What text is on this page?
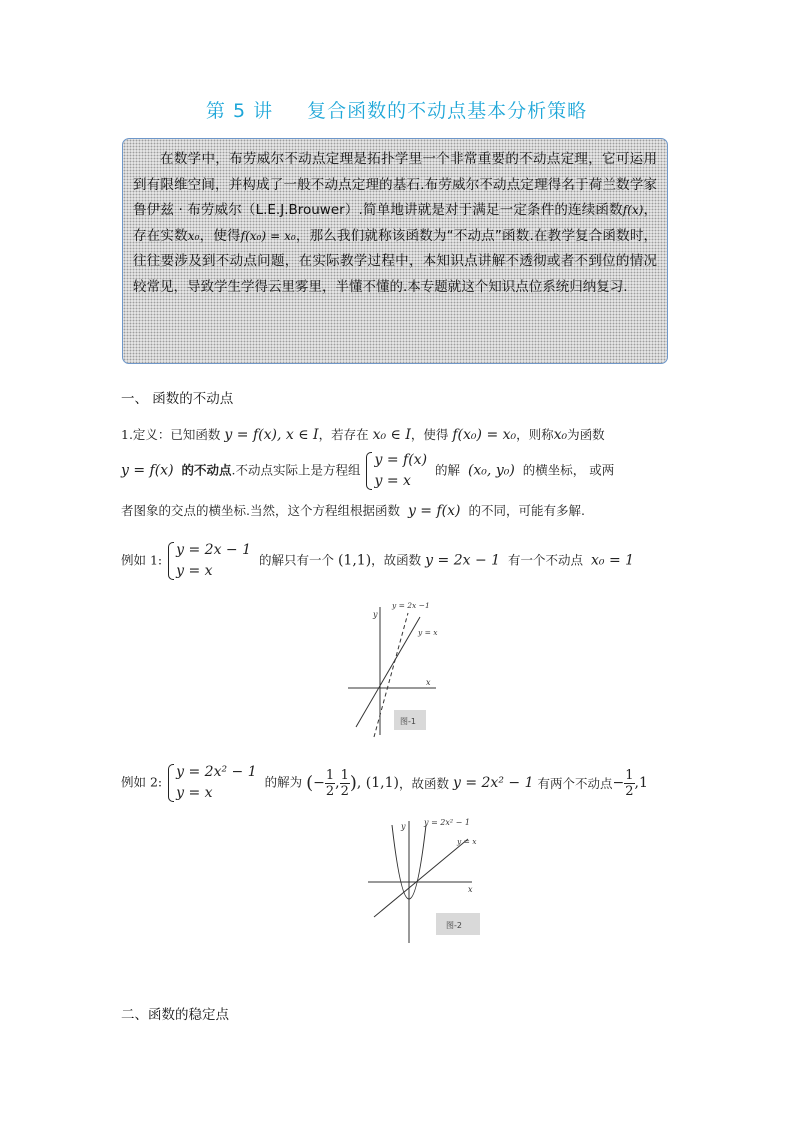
第 5 讲 复合函数的不动点基本分析策略

在数学中，布劳威尔不动点定理是拓扑学里一个非常重要的不动点定理，它可运用到有限维空间，并构成了一般不动点定理的基石.布劳威尔不动点定理得名于荷兰数学家鲁伊兹 · 布劳威尔（L.E.J.Brouwer）.简单地讲就是对于满足一定条件的连续函数f(x)，存在实数x₀，使得f(x₀) = x₀，那么我们就称该函数为“不动点”函数.在教学复合函数时，往往要涉及到不动点问题，在实际教学过程中，本知识点讲解不透彻或者不到位的情况较常见，导致学生学得云里雾里，半懂不懂的.本专题就这个知识点位系统归纳复习.

一、 函数的不动点
1.定义：已知函数 y = f(x), x ∈ I，若存在 x₀ ∈ I，使得 f(x₀) = x₀，则称x₀为函数
y = f(x) 的不动点.不动点实际上是方程组
y = f(x)
y = x
的解 (x₀, y₀) 的横坐标， 或两
者图象的交点的横坐标.当然，这个方程组根据函数 y = f(x) 的不同，可能有多解.
例如 1:
y = 2x − 1
y = x
的解只有一个 (1,1)，故函数 y = 2x − 1 有一个不动点 x₀ = 1
y
x
y = 2x −1
y = x
图-1
例如 2:
y = 2x² − 1
y = x
的解为 (− $\frac{1}{2}$ , $\frac{1}{2}$ ), (1,1)，故函数 y = 2x² − 1 有两个不动点− $\frac{1}{2} ,1$
y
x
y = 2x² − 1
y = x
图-2
二、函数的稳定点
